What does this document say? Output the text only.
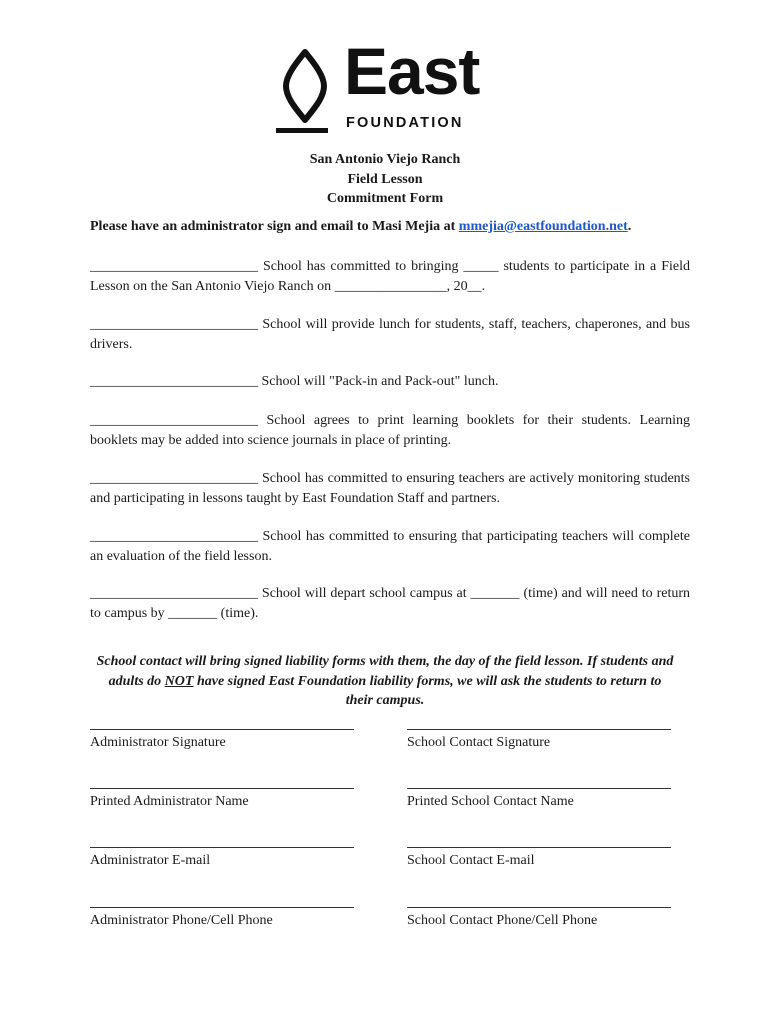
East
FOUNDATION
San Antonio Viejo Ranch
Field Lesson
Commitment Form
Please have an administrator sign and email to Masi Mejia at mmejia@eastfoundation.net.
________________________ School has committed to bringing _____ students to participate in a Field Lesson on the San Antonio Viejo Ranch on ________________, 20__.
________________________ School will provide lunch for students, staff, teachers, chaperones, and bus drivers.
________________________ School will "Pack-in and Pack-out" lunch.
________________________ School agrees to print learning booklets for their students. Learning booklets may be added into science journals in place of printing.
________________________ School has committed to ensuring teachers are actively monitoring students and participating in lessons taught by East Foundation Staff and partners.
________________________ School has committed to ensuring that participating teachers will complete an evaluation of the field lesson.
________________________ School will depart school campus at _______ (time) and will need to return to campus by _______ (time).
School contact will bring signed liability forms with them, the day of the field lesson. If students and adults do NOT have signed East Foundation liability forms, we will ask the students to return to their campus.
Administrator Signature
Printed Administrator Name
Administrator E-mail
Administrator Phone/Cell Phone
School Contact Signature
Printed School Contact Name
School Contact E-mail
School Contact Phone/Cell Phone
